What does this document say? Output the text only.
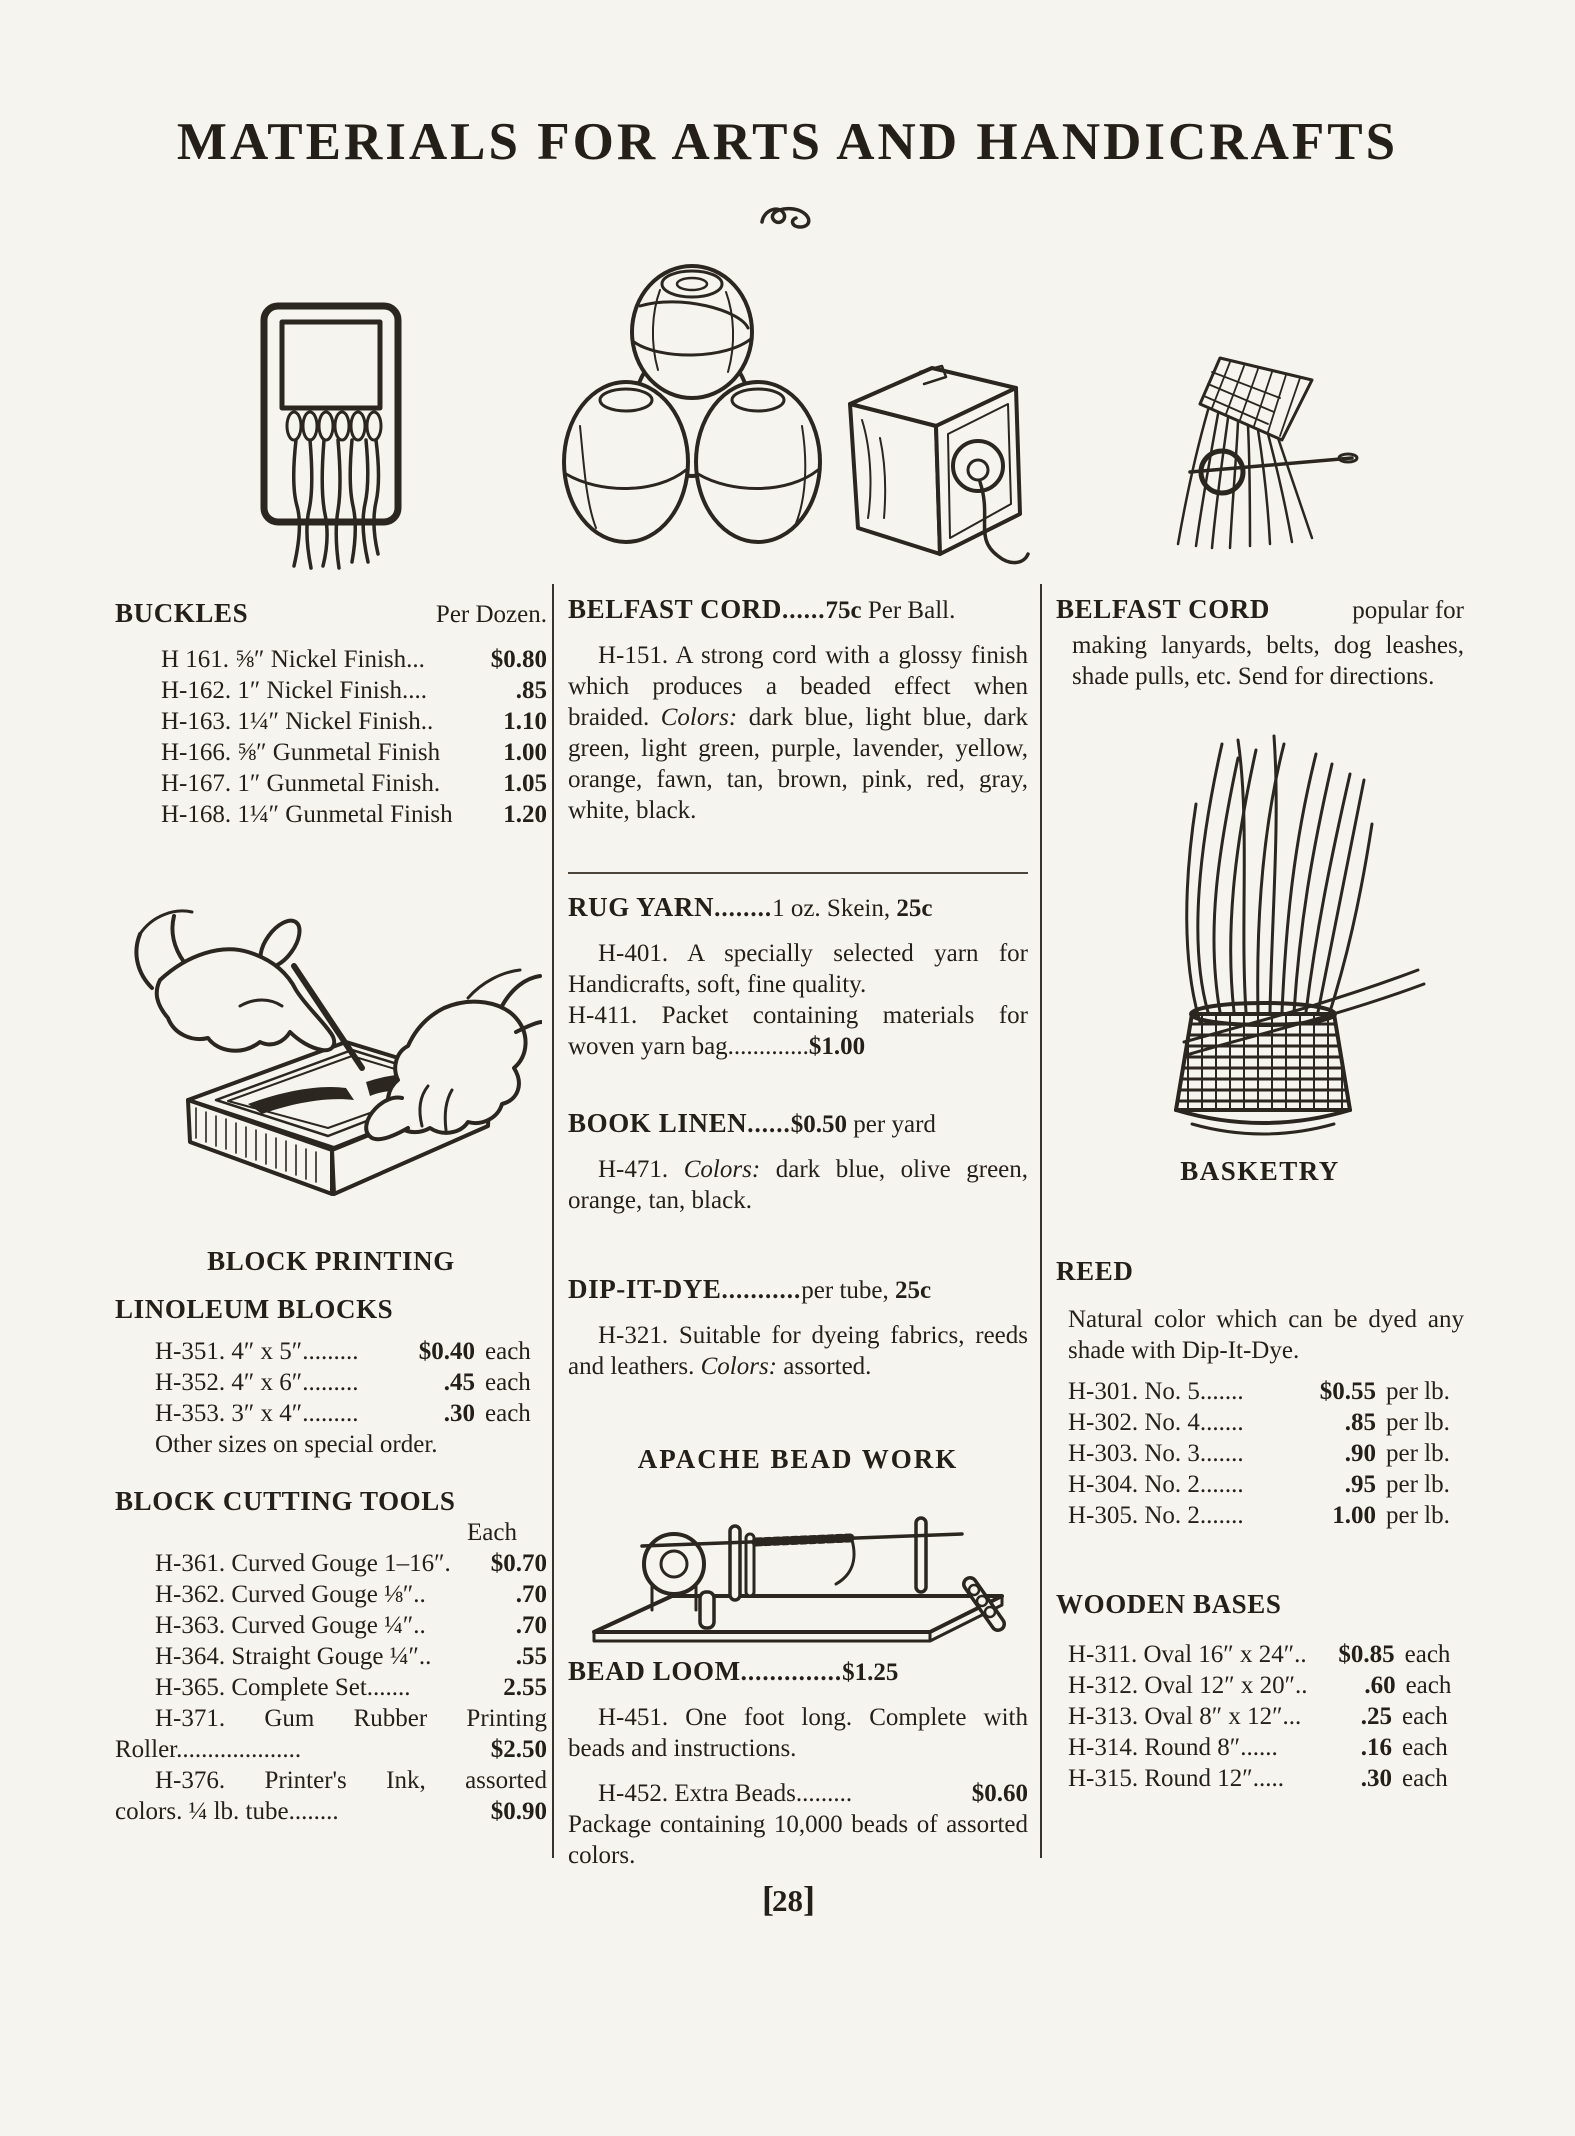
MATERIALS FOR ARTS AND HANDICRAFTS
BUCKLES	Per Dozen.
H 161. ⅝″ Nickel Finish...	$0.80
H-162. 1″ Nickel Finish....	.85
H-163. 1¼″ Nickel Finish..	1.10
H-166. ⅝″ Gunmetal Finish	1.00
H-167. 1″ Gunmetal Finish.	1.05
H-168. 1¼″ Gunmetal Finish	1.20
BLOCK PRINTING
LINOLEUM BLOCKS
H-351. 4″ x 5″.........	$0.40 each
H-352. 4″ x 6″.........	.45 each
H-353. 3″ x 4″.........	.30 each
Other sizes on special order.
BLOCK CUTTING TOOLS
Each
H-361. Curved Gouge 1–16″.	$0.70
H-362. Curved Gouge ⅛″..	.70
H-363. Curved Gouge ¼″..	.70
H-364. Straight Gouge ¼″..	.55
H-365. Complete Set.......	2.55
H-371. Gum Rubber Printing
Roller....................	$2.50
H-376. Printer's Ink, assorted
colors. ¼ lb. tube........	$0.90

BELFAST CORD......75c Per Ball.

H-151. A strong cord with a glossy finish which produces a beaded effect when braided. Colors: dark blue, light blue, dark green, light green, purple, lavender, yellow, orange, fawn, tan, brown, pink, red, gray, white, black.

RUG YARN........1 oz. Skein, 25c

H-401. A specially selected yarn for Handicrafts, soft, fine quality.

H-411. Packet containing materials for woven yarn bag.............$1.00

BOOK LINEN......$0.50 per yard

H-471. Colors: dark blue, olive green, orange, tan, black.

DIP-IT-DYE...........per tube, 25c

H-321. Suitable for dyeing fabrics, reeds and leathers. Colors: assorted.

APACHE BEAD WORK

BEAD LOOM..............$1.25

H-451. One foot long. Complete with beads and instructions.

H-452. Extra Beads.........	$0.60

Package containing 10,000 beads of assorted colors.

BELFAST CORD	popular for

making lanyards, belts, dog leashes, shade pulls, etc. Send for directions.

BASKETRY
REED

Natural color which can be dyed any shade with Dip-It-Dye.

H-301. No. 5.......	$0.55 per lb.
H-302. No. 4.......	.85 per lb.
H-303. No. 3.......	.90 per lb.
H-304. No. 2.......	.95 per lb.
H-305. No. 2.......	1.00 per lb.
WOODEN BASES
H-311. Oval 16″ x 24″..	$0.85 each
H-312. Oval 12″ x 20″..	.60 each
H-313. Oval 8″ x 12″...	.25 each
H-314. Round 8″......	.16 each
H-315. Round 12″.....	.30 each
[28]
